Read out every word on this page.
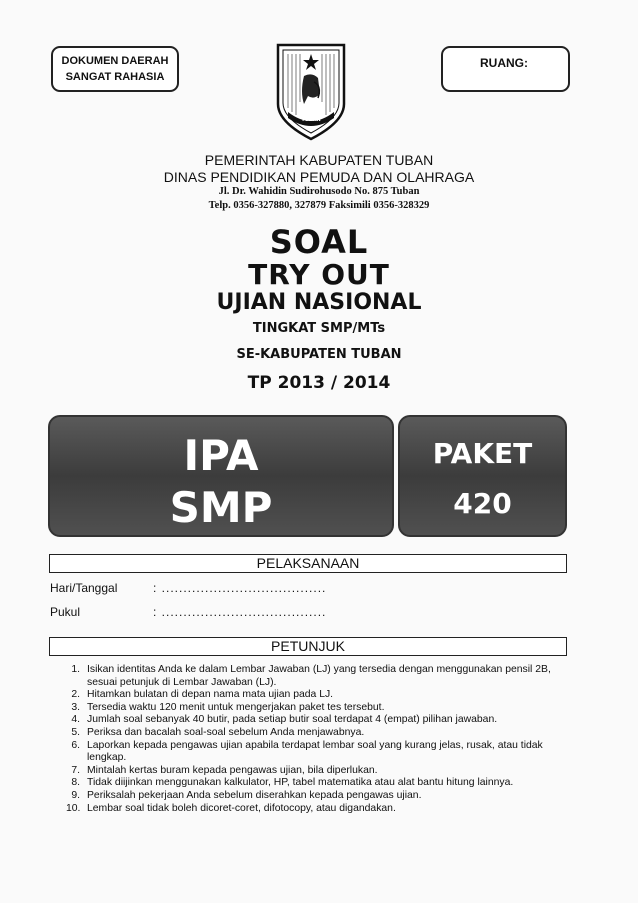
DOKUMEN DAERAH
SANGAT RAHASIA
RUANG:
TUBAN
PEMERINTAH KABUPATEN TUBAN
DINAS PENDIDIKAN PEMUDA DAN OLAHRAGA
Jl. Dr. Wahidin Sudirohusodo No. 875 Tuban
Telp. 0356-327880, 327879 Faksimili 0356-328329
SOAL
TRY OUT
UJIAN NASIONAL
TINGKAT SMP/MTs
SE-KABUPATEN TUBAN
TP 2013 / 2014
IPA
SMP
PAKET
420
PELAKSANAAN
Hari/Tanggal	: ......................................
Pukul	: ......................................
PETUNJUK
1. Isikan identitas Anda ke dalam Lembar Jawaban (LJ) yang tersedia dengan menggunakan pensil 2B, sesuai petunjuk di Lembar Jawaban (LJ).
2. Hitamkan bulatan di depan nama mata ujian pada LJ.
3. Tersedia waktu 120 menit untuk mengerjakan paket tes tersebut.
4. Jumlah soal sebanyak 40 butir, pada setiap butir soal terdapat 4 (empat) pilihan jawaban.
5. Periksa dan bacalah soal-soal sebelum Anda menjawabnya.
6. Laporkan kepada pengawas ujian apabila terdapat lembar soal yang kurang jelas, rusak, atau tidak lengkap.
7. Mintalah kertas buram kepada pengawas ujian, bila diperlukan.
8. Tidak diijinkan menggunakan kalkulator, HP, tabel matematika atau alat bantu hitung lainnya.
9. Periksalah pekerjaan Anda sebelum diserahkan kepada pengawas ujian.
10. Lembar soal tidak boleh dicoret-coret, difotocopy, atau digandakan.
